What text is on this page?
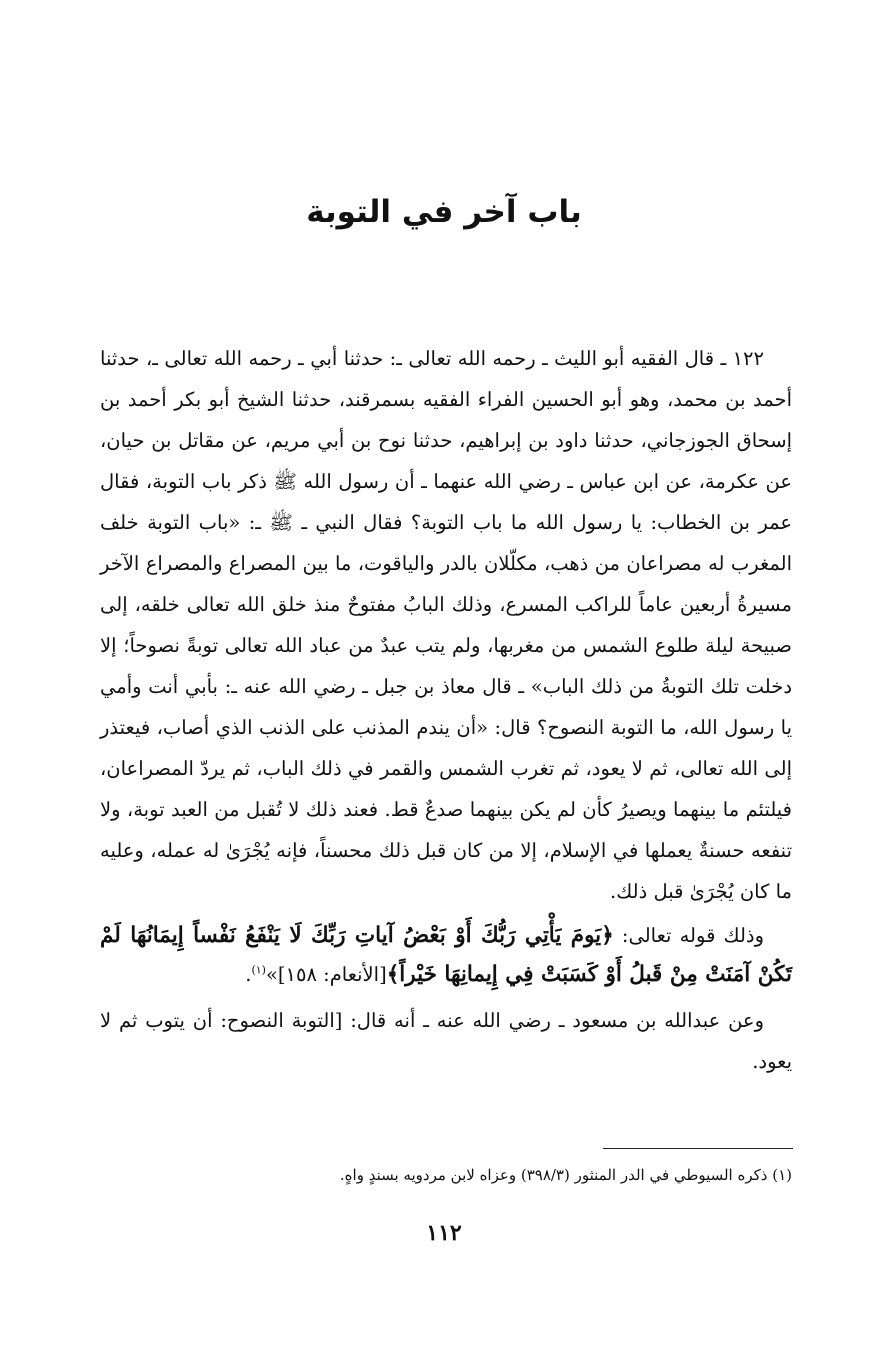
باب آخر في التوبة

١٢٢ ـ قال الفقيه أبو الليث ـ رحمه الله تعالى ـ: حدثنا أبي ـ رحمه الله تعالى ـ، حدثنا أحمد بن محمد، وهو أبو الحسين الفراء الفقيه بسمرقند، حدثنا الشيخ أبو بكر أحمد بن إسحاق الجوزجاني، حدثنا داود بن إبراهيم، حدثنا نوح بن أبي مريم، عن مقاتل بن حيان، عن عكرمة، عن ابن عباس ـ رضي الله عنهما ـ أن رسول الله ﷺ ذكر باب التوبة، فقال عمر بن الخطاب: يا رسول الله ما باب التوبة؟ فقال النبي ـ ﷺ ـ: «باب التوبة خلف المغرب له مصراعان من ذهب، مكلّلان بالدر والياقوت، ما بين المصراع والمصراع الآخر مسيرةُ أربعين عاماً للراكب المسرع، وذلك البابُ مفتوحٌ منذ خلق الله تعالى خلقه، إلى صبيحة ليلة طلوع الشمس من مغربها، ولم يتب عبدٌ من عباد الله تعالى توبةً نصوحاً؛ إلا دخلت تلك التوبةُ من ذلك الباب» ـ قال معاذ بن جبل ـ رضي الله عنه ـ: بأبي أنت وأمي يا رسول الله، ما التوبة النصوح؟ قال: «أن يندم المذنب على الذنب الذي أصاب، فيعتذر إلى الله تعالى، ثم لا يعود، ثم تغرب الشمس والقمر في ذلك الباب، ثم يردّ المصراعان، فيلتئم ما بينهما ويصيرُ كأن لم يكن بينهما صدعٌ قط. فعند ذلك لا تُقبل من العبد توبة، ولا تنفعه حسنةٌ يعملها في الإسلام، إلا من كان قبل ذلك محسناً، فإنه يُجْرَىٰ له عمله، وعليه ما كان يُجْرَىٰ قبل ذلك.

وذلك قوله تعالى: ﴿يَومَ يَأْتِي رَبُّكَ أَوْ بَعْضُ آياتِ رَبِّكَ لَا يَنْفَعُ نَفْساً إِيمَانُهَا لَمْ تَكُنْ آمَنَتْ مِنْ قَبلُ أَوْ كَسَبَتْ فِي إِيمانِهَا خَيْراً﴾[الأنعام: ١٥٨]»$^{(١)}$.

وعن عبدالله بن مسعود ـ رضي الله عنه ـ أنه قال: [التوبة النصوح: أن يتوب ثم لا يعود.

(١) ذكره السيوطي في الدر المنثور (٣٩٨/٣) وعزاه لابن مردويه بسندٍ واهٍ.
١١٢
